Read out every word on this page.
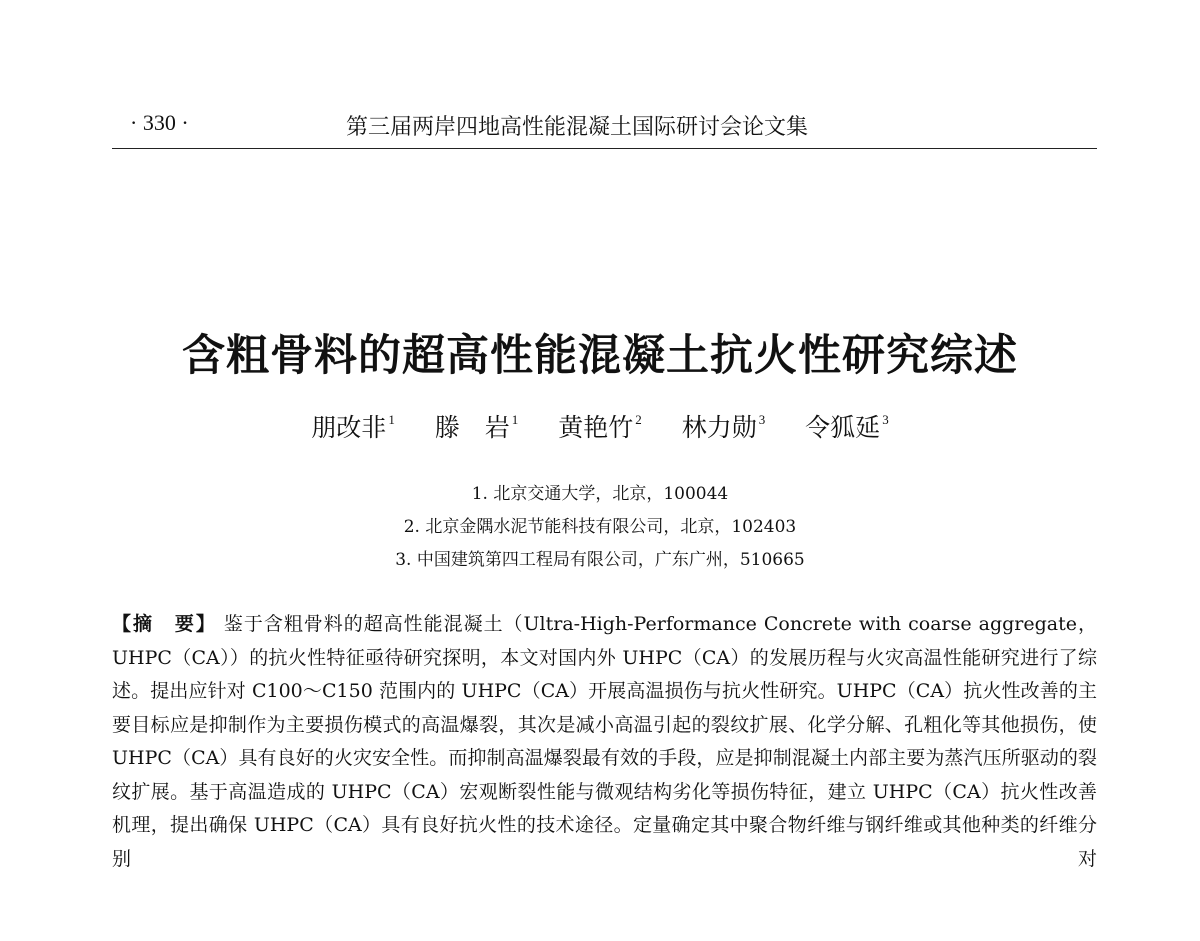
· 330 ·	第三届两岸四地高性能混凝土国际研讨会论文集
含粗骨料的超高性能混凝土抗火性研究综述
朋改非 $^1$ 滕　岩 $^1$ 黄艳竹 $^2$ 林力勋 $^3$ 令狐延 $^3$
1. 北京交通大学，北京，100044
2. 北京金隅水泥节能科技有限公司，北京，102403
3. 中国建筑第四工程局有限公司，广东广州，510665
【摘　要】 鉴于含粗骨料的超高性能混凝土（Ultra-High-Performance Concrete with coarse aggregate，UHPC（CA））的抗火性特征亟待研究探明，本文对国内外 UHPC（CA）的发展历程与火灾高温性能研究进行了综述。提出应针对 C100～C150 范围内的 UHPC（CA）开展高温损伤与抗火性研究。UHPC（CA）抗火性改善的主要目标应是抑制作为主要损伤模式的高温爆裂，其次是减小高温引起的裂纹扩展、化学分解、孔粗化等其他损伤，使 UHPC（CA）具有良好的火灾安全性。而抑制高温爆裂最有效的手段，应是抑制混凝土内部主要为蒸汽压所驱动的裂纹扩展。基于高温造成的 UHPC（CA）宏观断裂性能与微观结构劣化等损伤特征，建立 UHPC（CA）抗火性改善机理，提出确保 UHPC（CA）具有良好抗火性的技术途径。定量确定其中聚合物纤维与钢纤维或其他种类的纤维分别对
